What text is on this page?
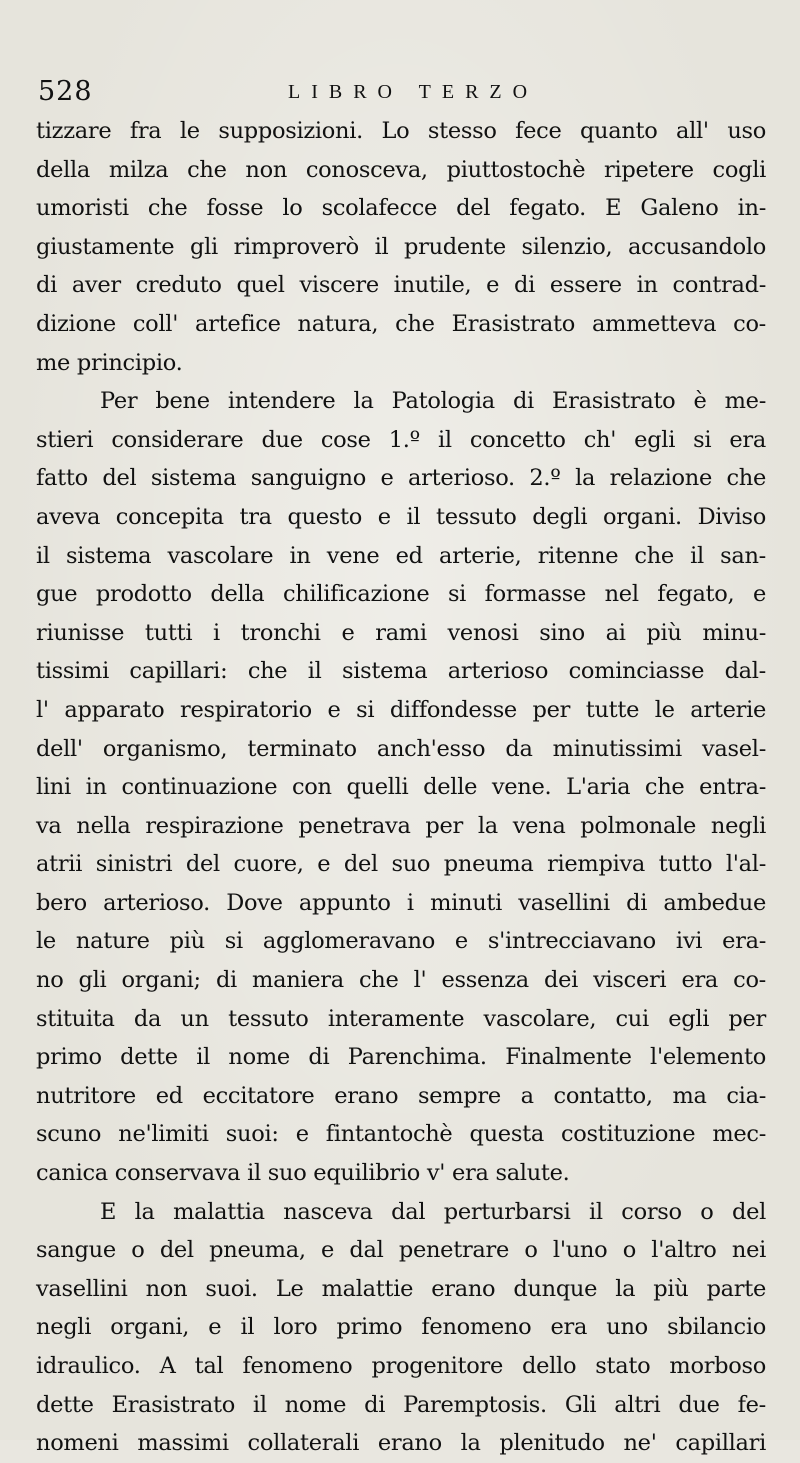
528	LIBRO TERZO
tizzare fra le supposizioni. Lo stesso fece quanto all' uso
della milza che non conosceva, piuttostochè ripetere cogli
umoristi che fosse lo scolafecce del fegato. E Galeno in-
giustamente gli rimproverò il prudente silenzio, accusandolo
di aver creduto quel viscere inutile, e di essere in contrad-
dizione coll' artefice natura, che Erasistrato ammetteva co-
me principio.
Per bene intendere la Patologia di Erasistrato è me-
stieri considerare due cose 1.º il concetto ch' egli si era
fatto del sistema sanguigno e arterioso. 2.º la relazione che
aveva concepita tra questo e il tessuto degli organi. Diviso
il sistema vascolare in vene ed arterie, ritenne che il san-
gue prodotto della chilificazione si formasse nel fegato, e
riunisse tutti i tronchi e rami venosi sino ai più minu-
tissimi capillari: che il sistema arterioso cominciasse dal-
l' apparato respiratorio e si diffondesse per tutte le arterie
dell' organismo, terminato anch'esso da minutissimi vasel-
lini in continuazione con quelli delle vene. L'aria che entra-
va nella respirazione penetrava per la vena polmonale negli
atrii sinistri del cuore, e del suo pneuma riempiva tutto l'al-
bero arterioso. Dove appunto i minuti vasellini di ambedue
le nature più si agglomeravano e s'intrecciavano ivi era-
no gli organi; di maniera che l' essenza dei visceri era co-
stituita da un tessuto interamente vascolare, cui egli per
primo dette il nome di Parenchima. Finalmente l'elemento
nutritore ed eccitatore erano sempre a contatto, ma cia-
scuno ne'limiti suoi: e fintantochè questa costituzione mec-
canica conservava il suo equilibrio v' era salute.
E la malattia nasceva dal perturbarsi il corso o del
sangue o del pneuma, e dal penetrare o l'uno o l'altro nei
vasellini non suoi. Le malattie erano dunque la più parte
negli organi, e il loro primo fenomeno era uno sbilancio
idraulico. A tal fenomeno progenitore dello stato morboso
dette Erasistrato il nome di Paremptosis. Gli altri due fe-
nomeni massimi collaterali erano la plenitudo ne' capillari
